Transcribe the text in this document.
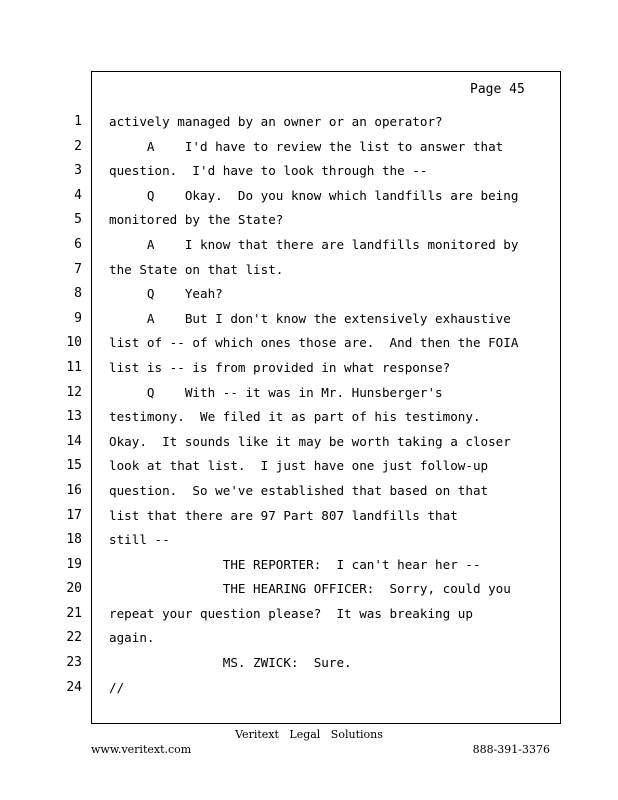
Page 45
1
2
3
4
5
6
7
8
9
10
11
12
13
14
15
16
17
18
19
20
21
22
23
24
actively managed by an owner or an operator?
A    I'd have to review the list to answer that
question.  I'd have to look through the --
Q    Okay.  Do you know which landfills are being
monitored by the State?
A    I know that there are landfills monitored by
the State on that list.
Q    Yeah?
A    But I don't know the extensively exhaustive
list of -- of which ones those are.  And then the FOIA
list is -- is from provided in what response?
Q    With -- it was in Mr. Hunsberger's
testimony.  We filed it as part of his testimony.
Okay.  It sounds like it may be worth taking a closer
look at that list.  I just have one just follow-up
question.  So we've established that based on that
list that there are 97 Part 807 landfills that
still --
THE REPORTER:  I can't hear her --
THE HEARING OFFICER:  Sorry, could you
repeat your question please?  It was breaking up
again.
MS. ZWICK:  Sure.
//
Veritext   Legal   Solutions
www.veritext.com	888-391-3376
